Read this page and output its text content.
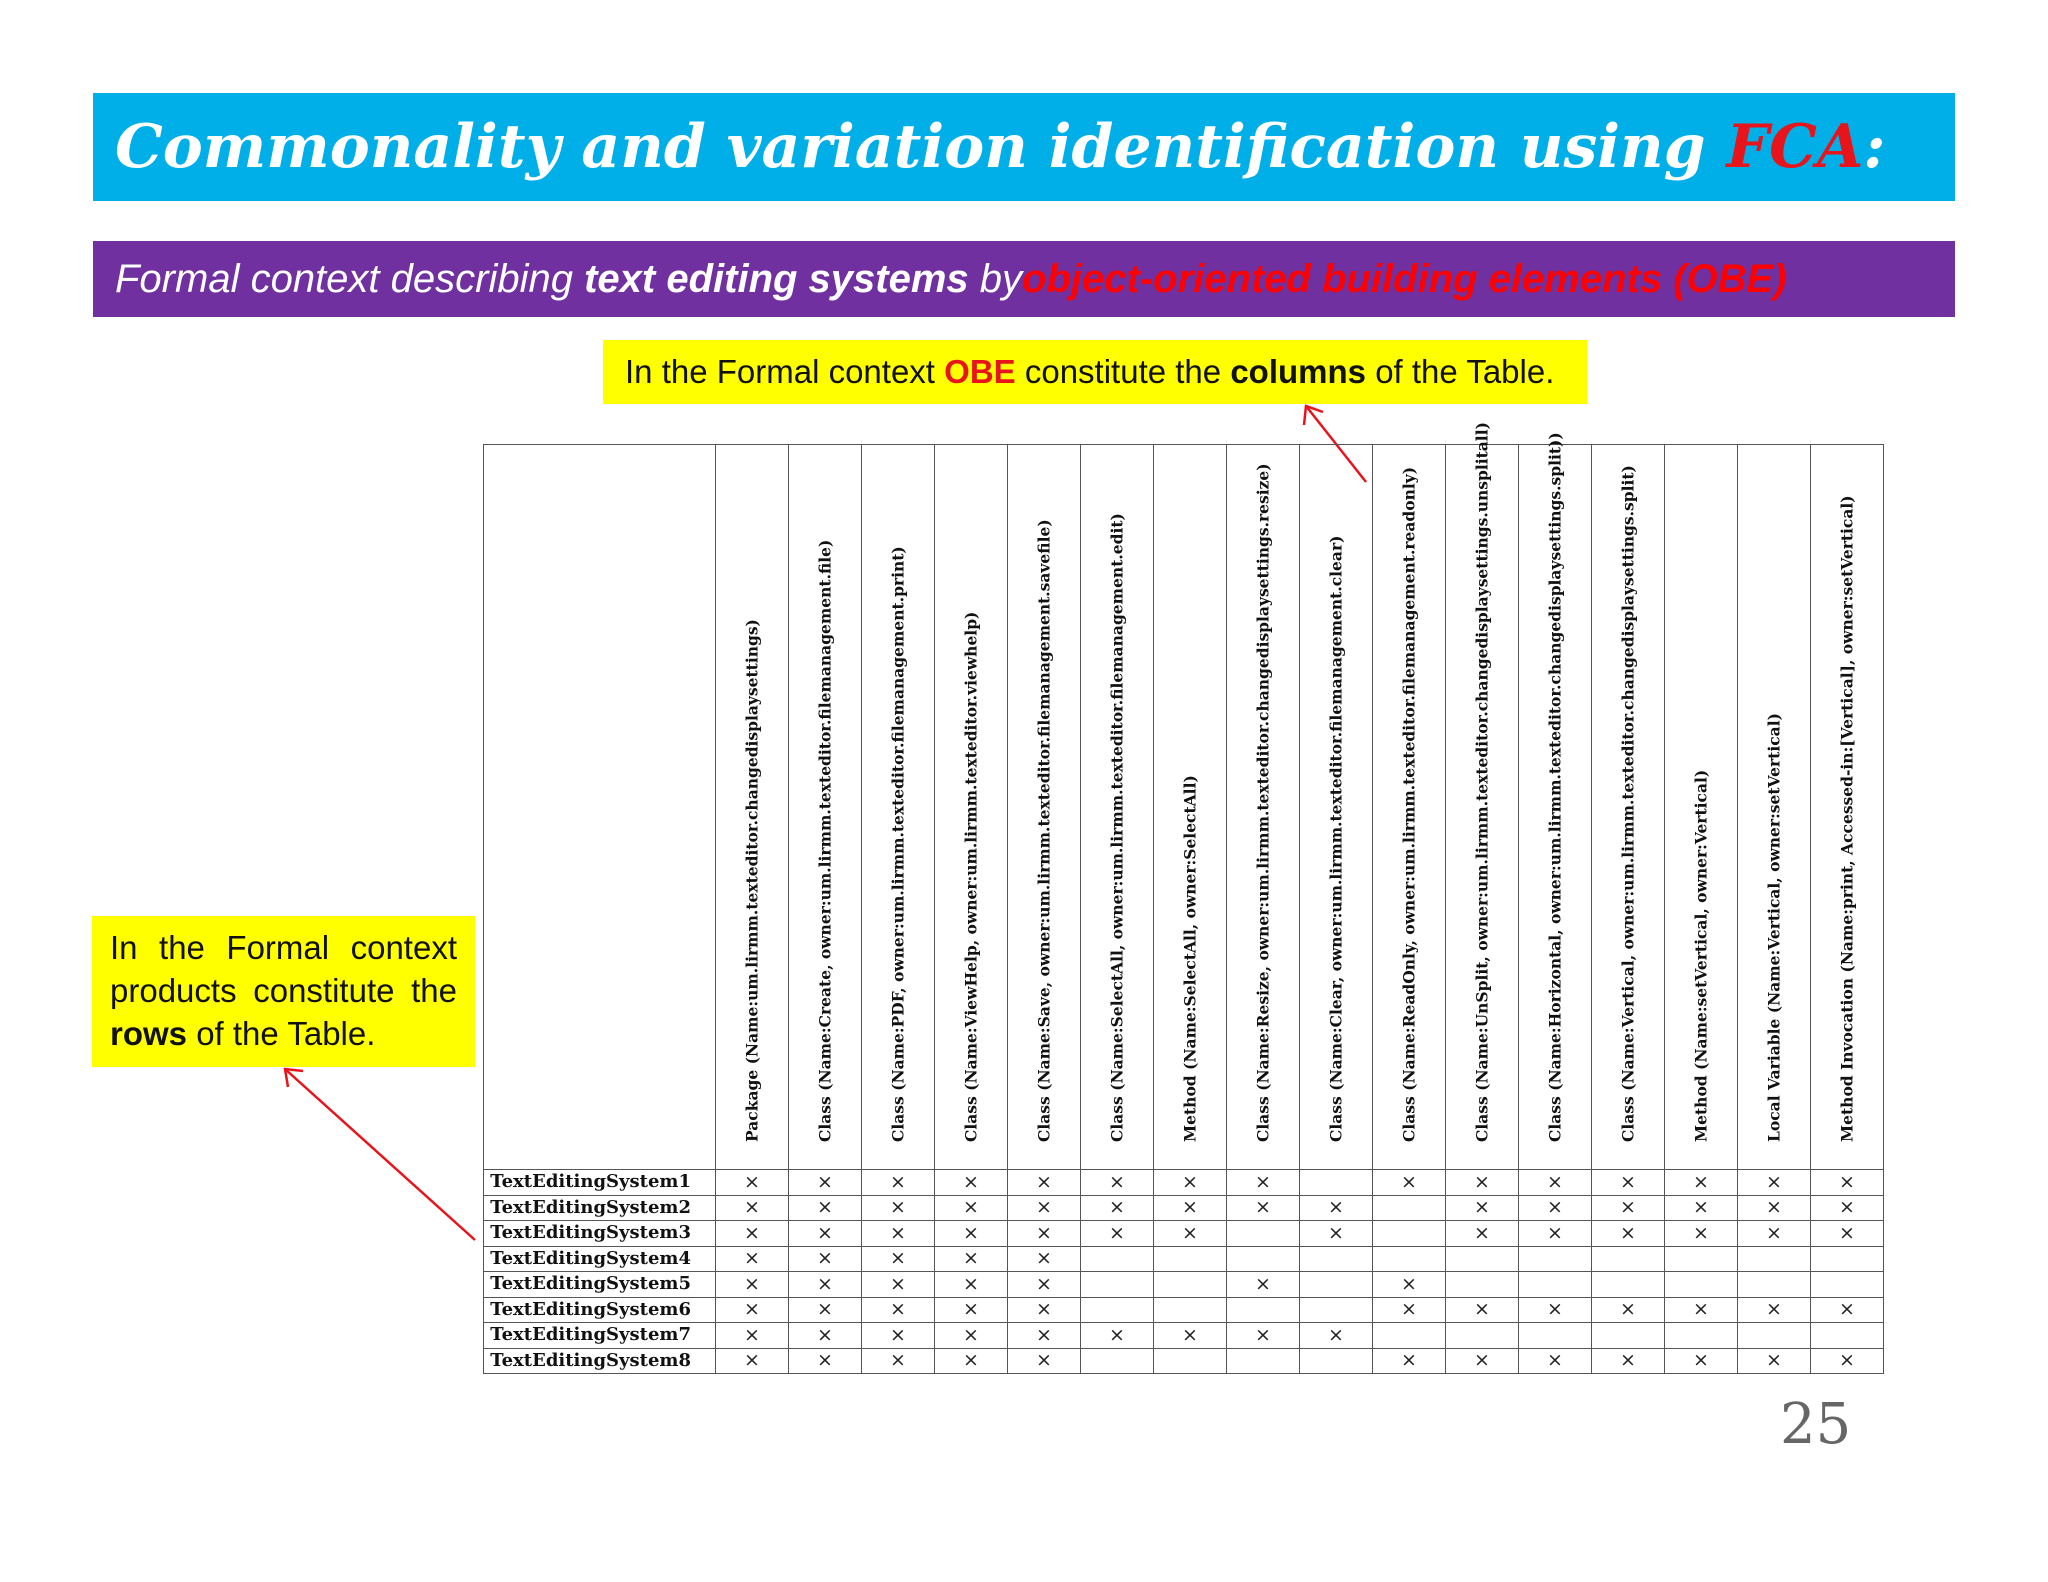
Commonality and variation identification using FCA:
Formal context describing
text editing systems
by object-oriented building elements (OBE)
In the Formal context
OBE
constitute the
columns
of the Table.
In the Formal context products constitute the rows of the Table.

	Package (Name:um.lirmm.texteditor.changedisplaysettings)	Class (Name:Create, owner:um.lirmm.texteditor.filemanagement.file)	Class (Name:PDF, owner:um.lirmm.texteditor.filemanagement.print)	Class (Name:ViewHelp, owner:um.lirmm.texteditor.viewhelp)	Class (Name:Save, owner:um.lirmm.texteditor.filemanagement.savefile)	Class (Name:SelectAll, owner:um.lirmm.texteditor.filemanagement.edit)	Method (Name:SelectAll, owner:SelectAll)	Class (Name:Resize, owner:um.lirmm.texteditor.changedisplaysettings.resize)	Class (Name:Clear, owner:um.lirmm.texteditor.filemanagement.clear)	Class (Name:ReadOnly, owner:um.lirmm.texteditor.filemanagement.readonly)	Class (Name:UnSplit, owner:um.lirmm.texteditor.changedisplaysettings.unsplitall)	Class (Name:Horizontal, owner:um.lirmm.texteditor.changedisplaysettings.split))	Class (Name:Vertical, owner:um.lirmm.texteditor.changedisplaysettings.split)	Method (Name:setVertical, owner:Vertical)	Local Variable (Name:Vertical, owner:setVertical)	Method Invocation (Name:print, Accessed-in:[Vertical], owner:setVertical)

TextEditingSystem1	×	×	×	×	×	×	×	×		×	×	×	×	×	×	×
TextEditingSystem2	×	×	×	×	×	×	×	×	×		×	×	×	×	×	×
TextEditingSystem3	×	×	×	×	×	×	×		×		×	×	×	×	×	×
TextEditingSystem4	×	×	×	×	×											
TextEditingSystem5	×	×	×	×	×			×		×						
TextEditingSystem6	×	×	×	×	×					×	×	×	×	×	×	×
TextEditingSystem7	×	×	×	×	×	×	×	×	×							
TextEditingSystem8	×	×	×	×	×					×	×	×	×	×	×	×
25
